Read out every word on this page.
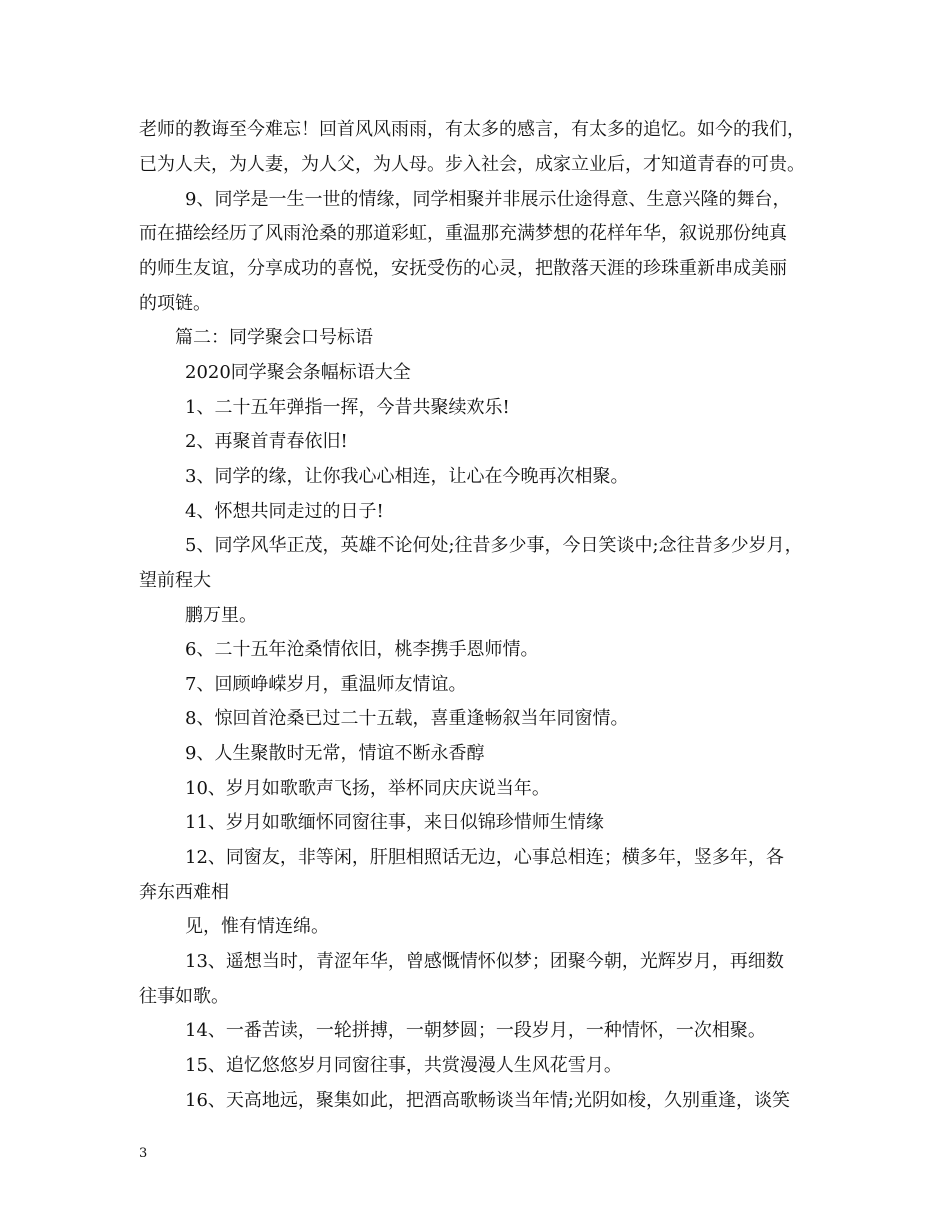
老师的教诲至今难忘！回首风风雨雨，有太多的感言，有太多的追忆。如今的我们，
已为人夫，为人妻，为人父，为人母。步入社会，成家立业后，才知道青春的可贵。
9、同学是一生一世的情缘，同学相聚并非展示仕途得意、生意兴隆的舞台，
而在描绘经历了风雨沧桑的那道彩虹，重温那充满梦想的花样年华，叙说那份纯真
的师生友谊，分享成功的喜悦，安抚受伤的心灵，把散落天涯的珍珠重新串成美丽
的项链。
篇二：同学聚会口号标语
2020同学聚会条幅标语大全
1、二十五年弹指一挥，今昔共聚续欢乐!
2、再聚首青春依旧!
3、同学的缘，让你我心心相连，让心在今晚再次相聚。
4、怀想共同走过的日子!
5、同学风华正茂，英雄不论何处;往昔多少事，今日笑谈中;念往昔多少岁月，
望前程大
鹏万里。
6、二十五年沧桑情依旧，桃李携手恩师情。
7、回顾峥嵘岁月，重温师友情谊。
8、惊回首沧桑已过二十五载，喜重逢畅叙当年同窗情。
9、人生聚散时无常，情谊不断永香醇
10、岁月如歌歌声飞扬，举杯同庆庆说当年。
11、岁月如歌缅怀同窗往事，来日似锦珍惜师生情缘
12、同窗友，非等闲，肝胆相照话无边，心事总相连；横多年，竖多年，各
奔东西难相
见，惟有情连绵。
13、遥想当时，青涩年华，曾感慨情怀似梦；团聚今朝，光辉岁月，再细数
往事如歌。
14、一番苦读，一轮拼搏，一朝梦圆；一段岁月，一种情怀，一次相聚。
15、追忆悠悠岁月同窗往事，共赏漫漫人生风花雪月。
16、天高地远，聚集如此，把酒高歌畅谈当年情;光阴如梭，久别重逢，谈笑
3
